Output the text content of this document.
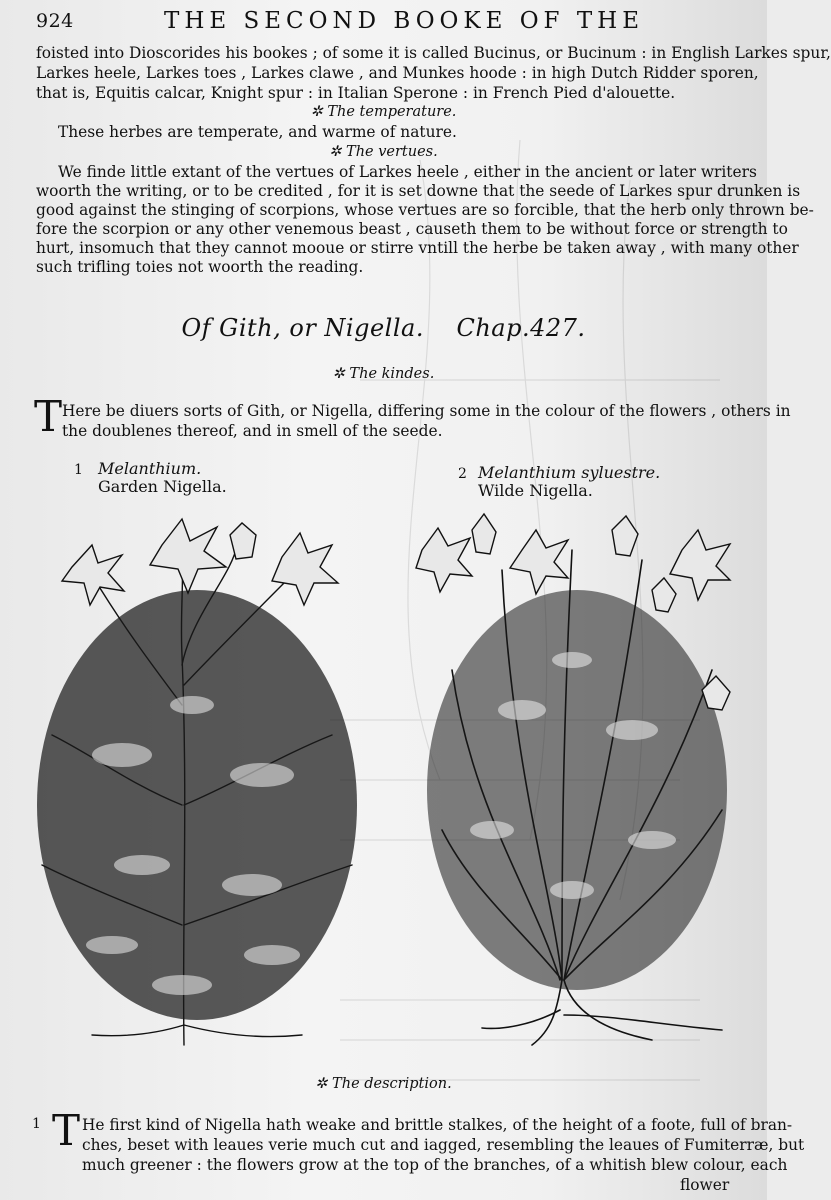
924	THE SECOND BOOKE OF THE
foisted into Dioscorides his bookes ; of some it is called Bucinus, or Bucinum : in English Larkes spur,
Larkes heele, Larkes toes , Larkes clawe , and Munkes hoode : in high Dutch Ridder sporen,
that is, Equitis calcar, Knight spur : in Italian Sperone : in French Pied d'alouette.
✲ The temperature.
These herbes are temperate, and warme of nature.
✲ The vertues.
We finde little extant of the vertues of Larkes heele , either in the ancient or later writers
woorth the writing, or to be credited , for it is set downe that the seede of Larkes spur drunken is
good against the stinging of scorpions, whose vertues are so forcible, that the herb only thrown be-
fore the scorpion or any other venemous beast , causeth them to be without force or strength to
hurt, insomuch that they cannot mooue or stirre vntill the herbe be taken away , with many other
such trifling toies not woorth the reading.
Of Gith, or Nigella. Chap.427.
✲ The kindes.
T Here be diuers sorts of Gith, or Nigella, differing some in the colour of the flowers , others in
the doublenes thereof, and in smell of the seede.
1 Melanthium.
Garden Nigella.
2 Melanthium syluestre.
Wilde Nigella.
✲ The description.
1 T He first kind of Nigella hath weake and brittle stalkes, of the height of a foote, full of bran-
ches, beset with leaues verie much cut and iagged, resembling the leaues of Fumiterræ, but
much greener : the flowers grow at the top of the branches, of a whitish blew colour, each
flower
